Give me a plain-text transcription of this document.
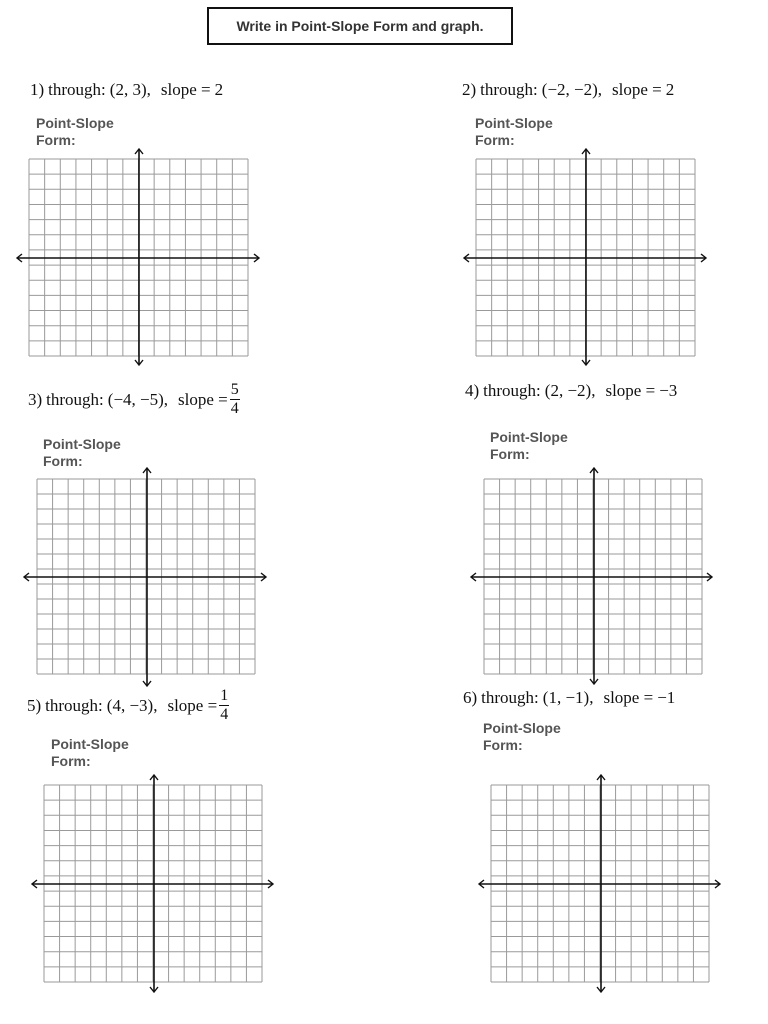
Write in Point-Slope Form and graph.
1) through: (2, 3), slope = 2
Point-Slope
Form:
2) through: (−2, −2), slope = 2
Point-Slope
Form:
3) through: (−4, −5), slope = $\frac{5}{4}$
Point-Slope
Form:
4) through: (2, −2), slope = −3
Point-Slope
Form:
5) through: (4, −3), slope = $\frac{1}{4}$
Point-Slope
Form:
6) through: (1, −1), slope = −1
Point-Slope
Form:
